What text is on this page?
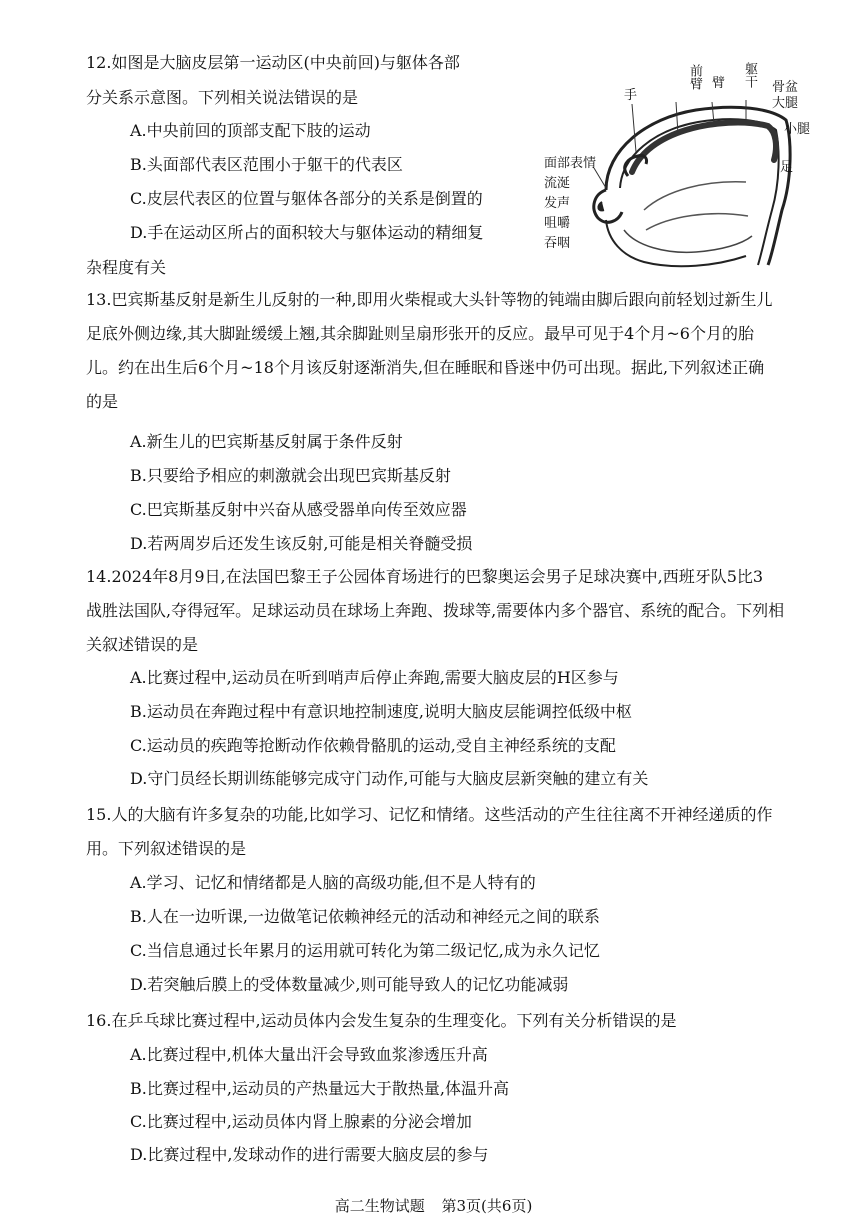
12.如图是大脑皮层第一运动区(中央前回)与躯体各部
分关系示意图。下列相关说法错误的是
A.中央前回的顶部支配下肢的运动
B.头面部代表区范围小于躯干的代表区
C.皮层代表区的位置与躯体各部分的关系是倒置的
D.手在运动区所占的面积较大与躯体运动的精细复
杂程度有关
手
前臂 臂 躯干 骨盆
大腿
小腿
足
面部表情
流涎
发声
咀嚼
吞咽
13.巴宾斯基反射是新生儿反射的一种,即用火柴棍或大头针等物的钝端由脚后跟向前轻划过新生儿
足底外侧边缘,其大脚趾缓缓上翘,其余脚趾则呈扇形张开的反应。最早可见于4个月~6个月的胎
儿。约在出生后6个月~18个月该反射逐渐消失,但在睡眠和昏迷中仍可出现。据此,下列叙述正确
的是
A.新生儿的巴宾斯基反射属于条件反射
B.只要给予相应的刺激就会出现巴宾斯基反射
C.巴宾斯基反射中兴奋从感受器单向传至效应器
D.若两周岁后还发生该反射,可能是相关脊髓受损
14.2024年8月9日,在法国巴黎王子公园体育场进行的巴黎奥运会男子足球决赛中,西班牙队5比3
战胜法国队,夺得冠军。足球运动员在球场上奔跑、拨球等,需要体内多个器官、系统的配合。下列相
关叙述错误的是
A.比赛过程中,运动员在听到哨声后停止奔跑,需要大脑皮层的H区参与
B.运动员在奔跑过程中有意识地控制速度,说明大脑皮层能调控低级中枢
C.运动员的疾跑等抢断动作依赖骨骼肌的运动,受自主神经系统的支配
D.守门员经长期训练能够完成守门动作,可能与大脑皮层新突触的建立有关
15.人的大脑有许多复杂的功能,比如学习、记忆和情绪。这些活动的产生往往离不开神经递质的作
用。下列叙述错误的是
A.学习、记忆和情绪都是人脑的高级功能,但不是人特有的
B.人在一边听课,一边做笔记依赖神经元的活动和神经元之间的联系
C.当信息通过长年累月的运用就可转化为第二级记忆,成为永久记忆
D.若突触后膜上的受体数量减少,则可能导致人的记忆功能减弱
16.在乒乓球比赛过程中,运动员体内会发生复杂的生理变化。下列有关分析错误的是
A.比赛过程中,机体大量出汗会导致血浆渗透压升高
B.比赛过程中,运动员的产热量远大于散热量,体温升高
C.比赛过程中,运动员体内肾上腺素的分泌会增加
D.比赛过程中,发球动作的进行需要大脑皮层的参与
高二生物试题 第3页(共6页)
